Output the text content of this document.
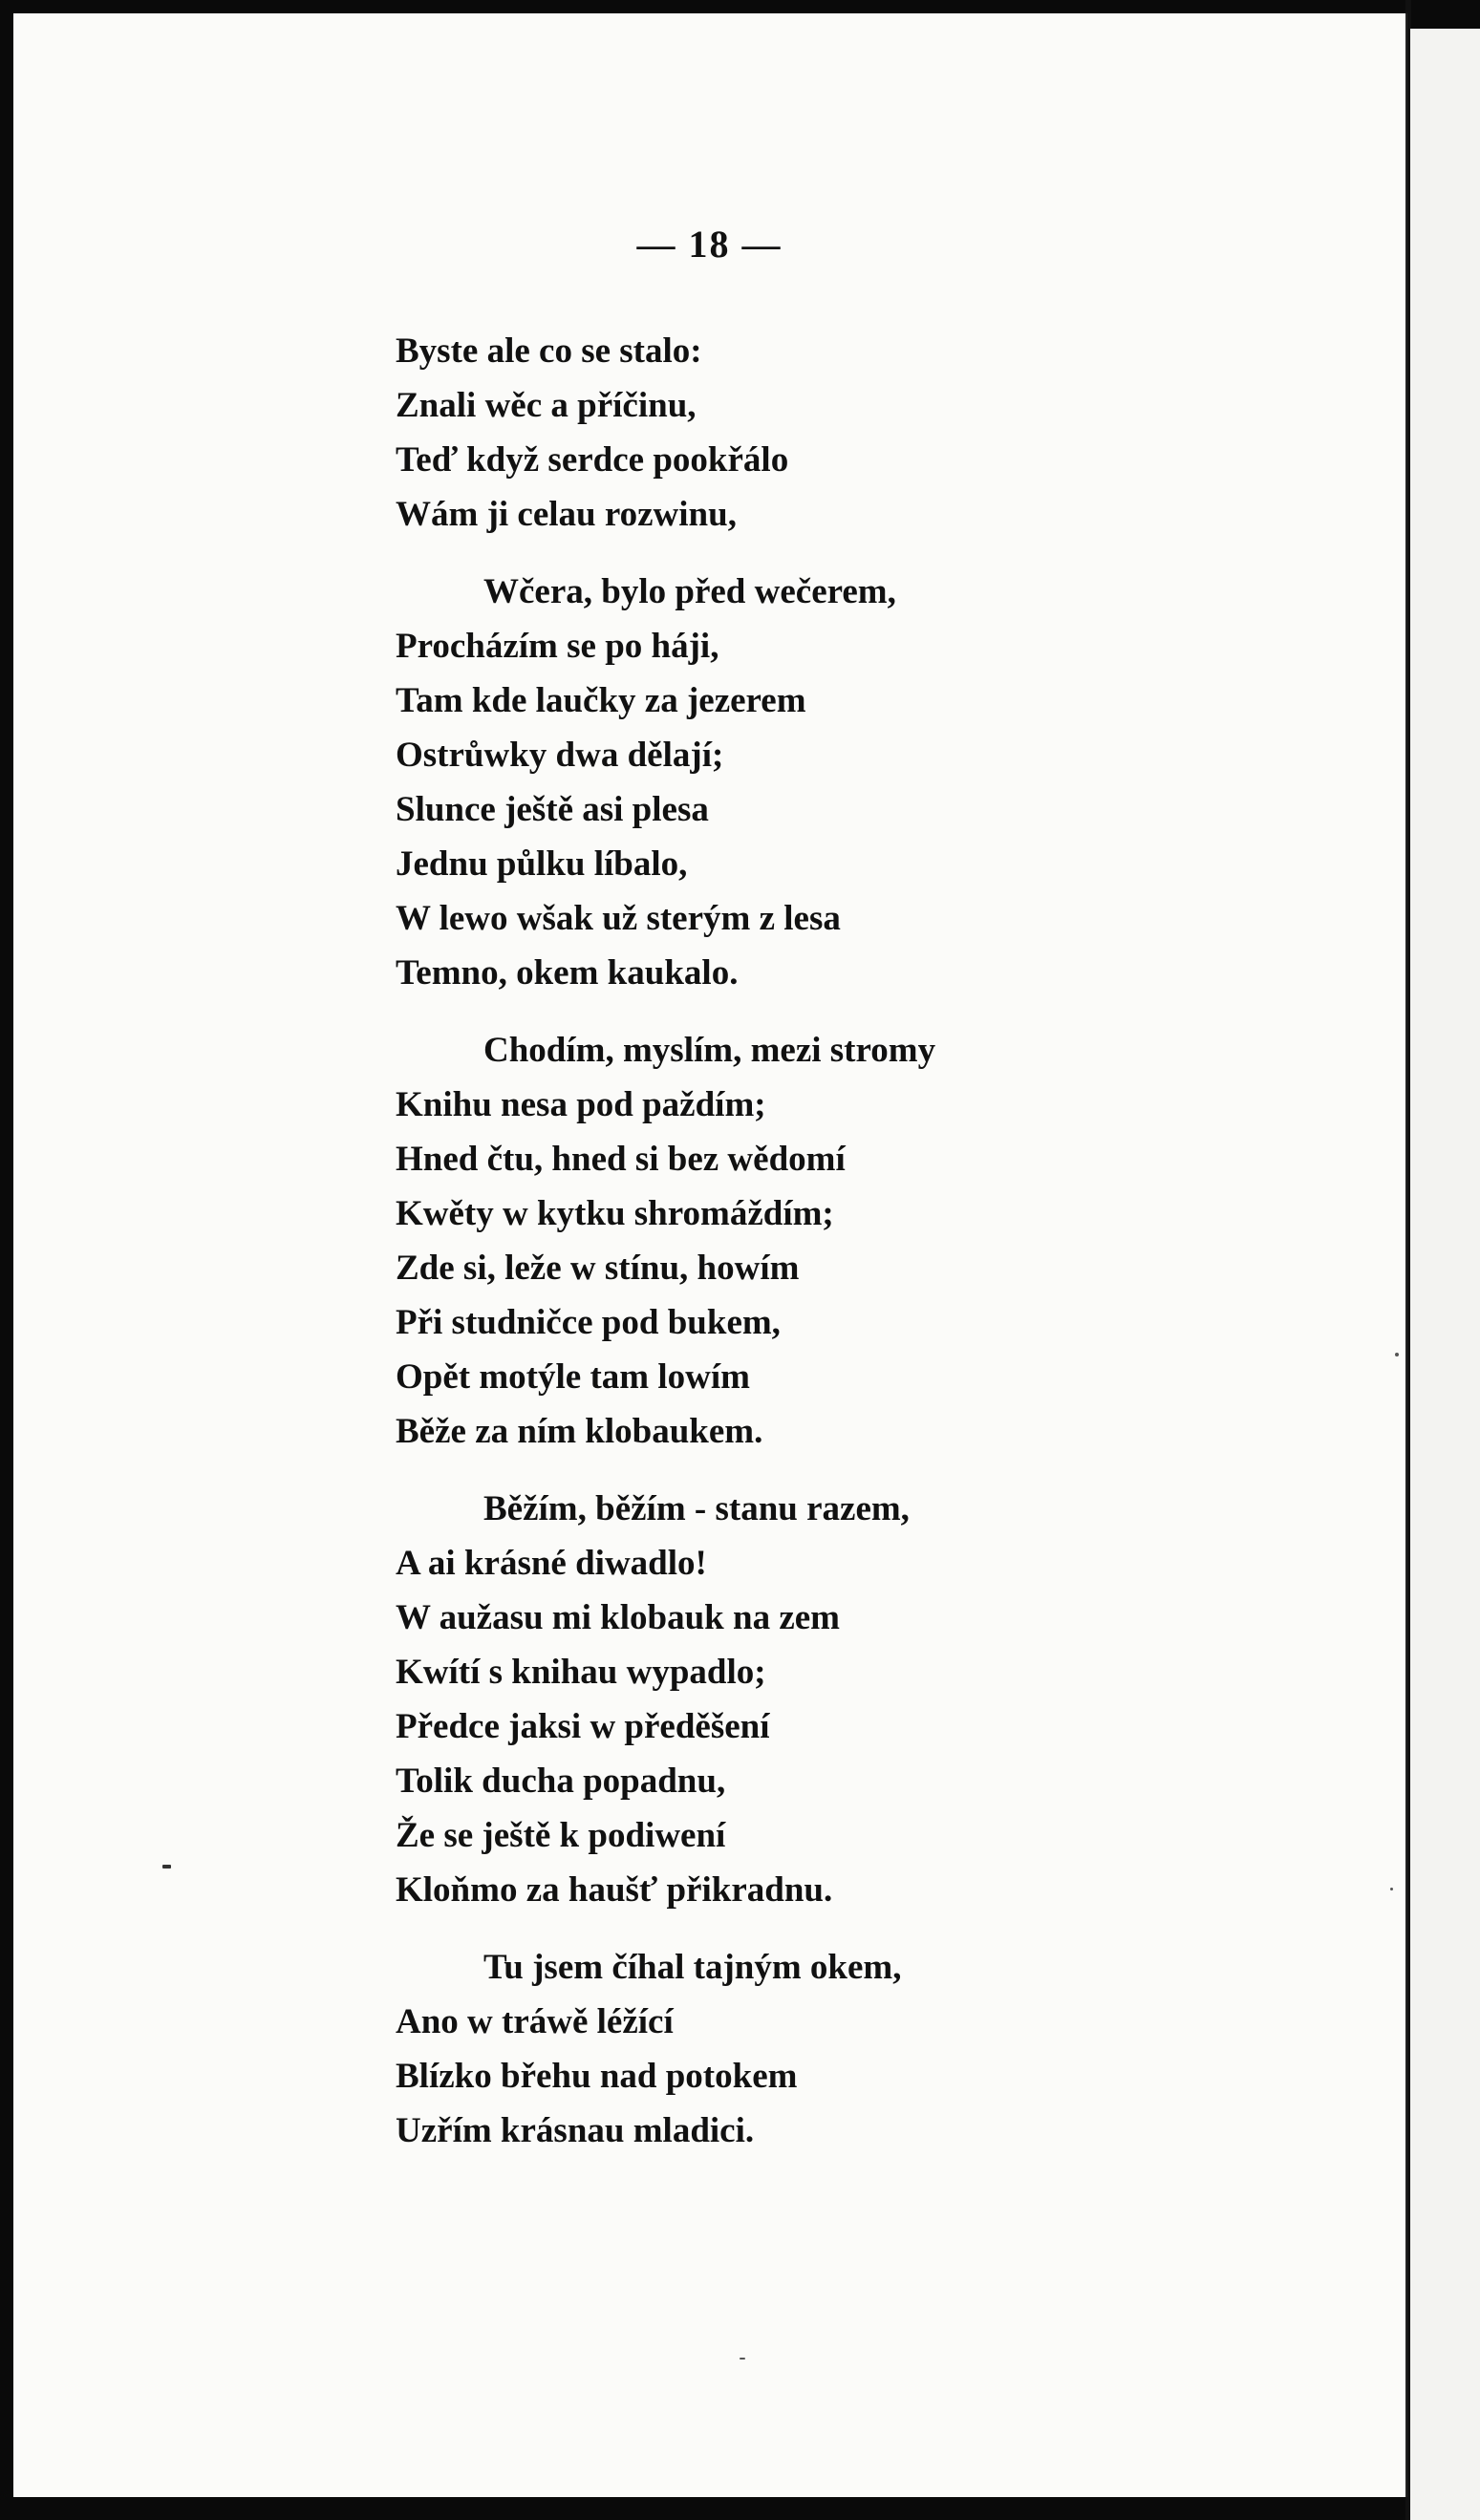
— 18 —
Byste ale co se stalo:
Znali wěc a příčinu,
Teď když serdce pookřálo
Wám ji celau rozwinu,
Wčera, bylo před wečerem,
Procházím se po háji,
Tam kde laučky za jezerem
Ostrůwky dwa dělají;
Slunce ještě asi plesa
Jednu půlku líbalo,
W lewo wšak už sterým z lesa
Temno, okem kaukalo.
Chodím, myslím, mezi stromy
Knihu nesa pod paždím;
Hned čtu, hned si bez wědomí
Kwěty w kytku shromáždím;
Zde si, leže w stínu, howím
Při studničce pod bukem,
Opět motýle tam lowím
Běže za ním klobaukem.
Běžím, běžím - stanu razem,
A ai krásné diwadlo!
W aužasu mi klobauk na zem
Kwítí s knihau wypadlo;
Předce jaksi w předěšení
Tolik ducha popadnu,
Že se ještě k podiwení
Kloňmo za haušť přikradnu.
Tu jsem číhal tajným okem,
Ano w tráwě léžící
Blízko břehu nad potokem
Uzřím krásnau mladici.
